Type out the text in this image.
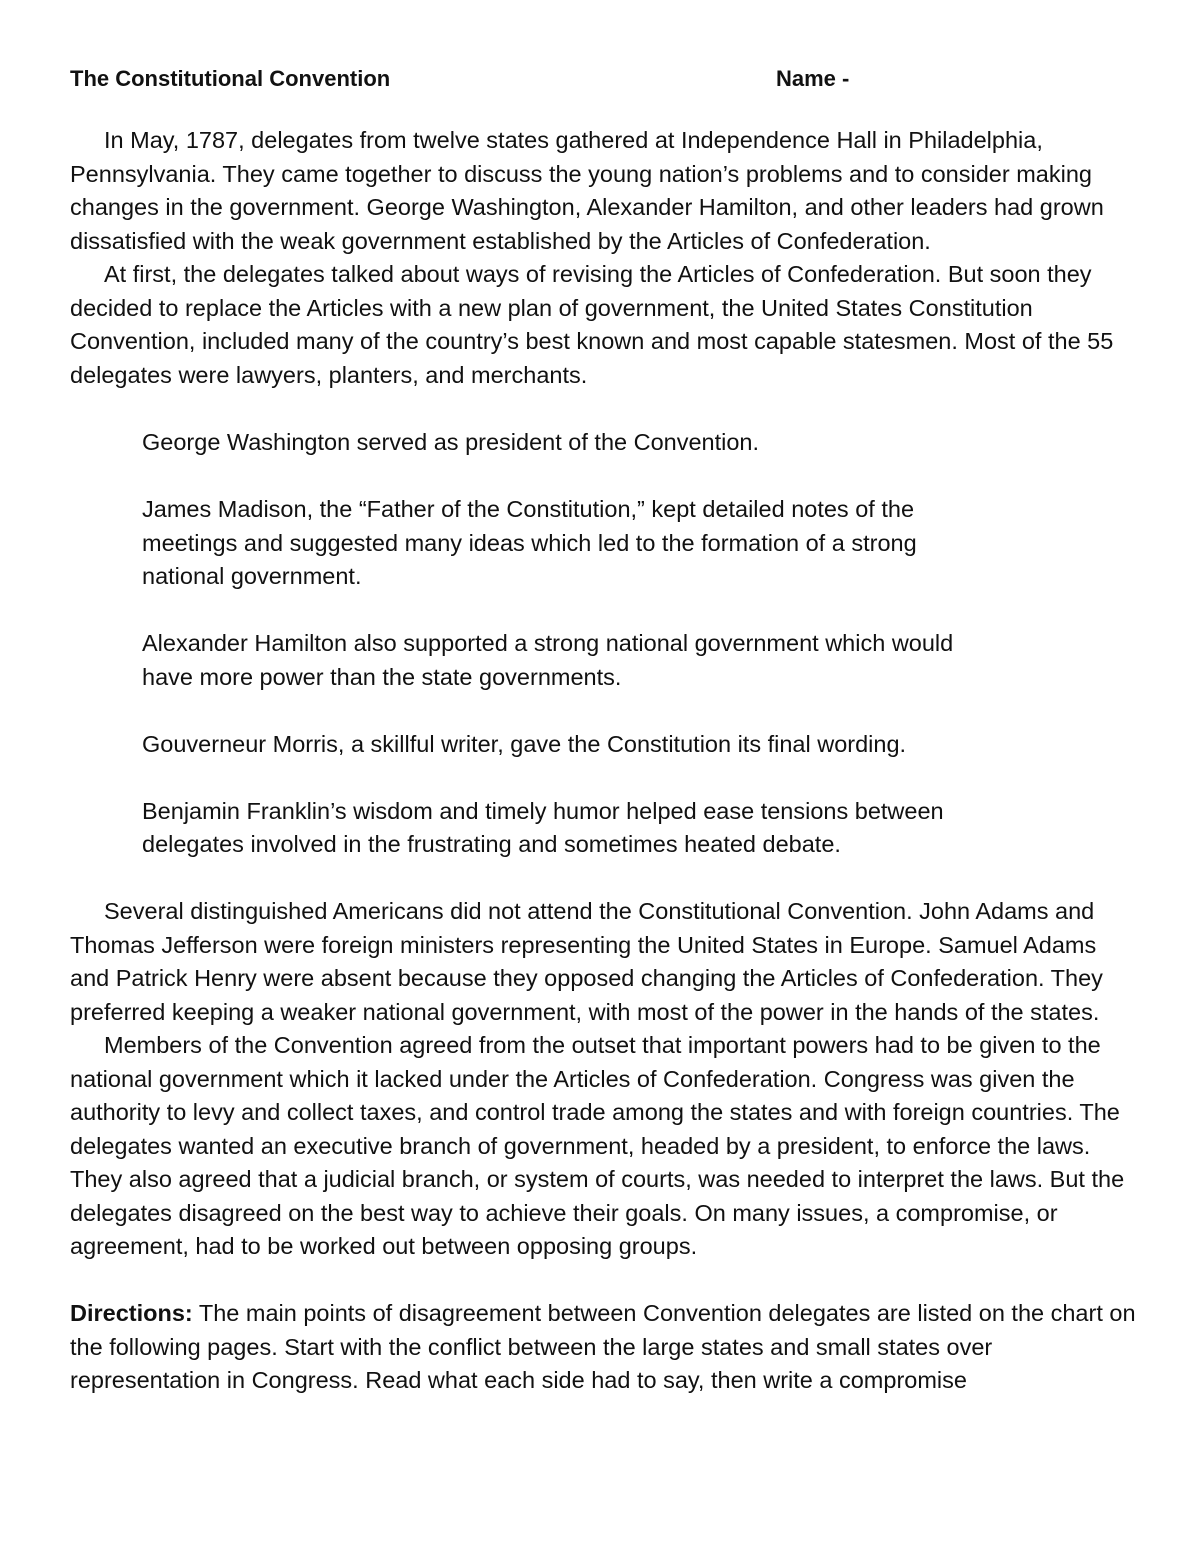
The Constitutional Convention	Name -

In May, 1787, delegates from twelve states gathered at Independence Hall in Philadelphia, Pennsylvania. They came together to discuss the young nation’s problems and to consider making changes in the government. George Washington, Alexander Hamilton, and other leaders had grown dissatisfied with the weak government established by the Articles of Confederation.

At first, the delegates talked about ways of revising the Articles of Confederation. But soon they decided to replace the Articles with a new plan of government, the United States Constitution Convention, included many of the country’s best known and most capable statesmen. Most of the 55 delegates were lawyers, planters, and merchants.

George Washington served as president of the Convention.

James Madison, the “Father of the Constitution,” kept detailed notes of the meetings and suggested many ideas which led to the formation of a strong national government.

Alexander Hamilton also supported a strong national government which would have more power than the state governments.

Gouverneur Morris, a skillful writer, gave the Constitution its final wording.

Benjamin Franklin’s wisdom and timely humor helped ease tensions between delegates involved in the frustrating and sometimes heated debate.

Several distinguished Americans did not attend the Constitutional Convention. John Adams and Thomas Jefferson were foreign ministers representing the United States in Europe. Samuel Adams and Patrick Henry were absent because they opposed changing the Articles of Confederation. They preferred keeping a weaker national government, with most of the power in the hands of the states.

Members of the Convention agreed from the outset that important powers had to be given to the national government which it lacked under the Articles of Confederation. Congress was given the authority to levy and collect taxes, and control trade among the states and with foreign countries. The delegates wanted an executive branch of government, headed by a president, to enforce the laws. They also agreed that a judicial branch, or system of courts, was needed to interpret the laws. But the delegates disagreed on the best way to achieve their goals. On many issues, a compromise, or agreement, had to be worked out between opposing groups.

Directions: The main points of disagreement between Convention delegates are listed on the chart on the following pages. Start with the conflict between the large states and small states over representation in Congress. Read what each side had to say, then write a compromise
